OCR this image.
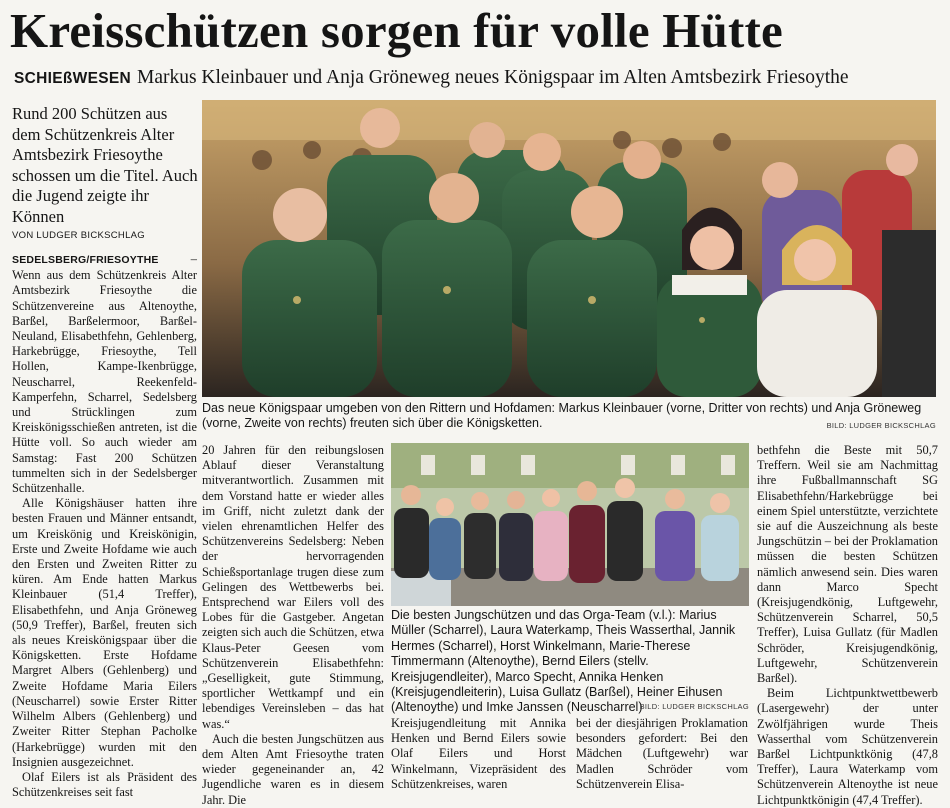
Kreisschützen sorgen für volle Hütte
SCHIEßWESEN Markus Kleinbauer und Anja Gröneweg neues Königspaar im Alten Amtsbezirk Friesoythe

Rund 200 Schützen aus dem Schützenkreis Alter Amtsbezirk Friesoythe schossen um die Titel. Auch die Jugend zeigte ihr Können

VON LUDGER BICKSCHLAG

SEDELSBERG/FRIESOYTHE	– Wenn aus dem Schützenkreis Alter Amtsbezirk Friesoythe die Schützenvereine aus Altenoythe, Barßel, Barßelermoor, Barßel-Neuland, Elisabethfehn, Gehlenberg, Harkebrügge, Friesoythe, Tell Hollen, Kampe-Ikenbrügge, Neuscharrel, Reekenfeld-Kamperfehn, Scharrel, Sedelsberg und Strücklingen zum Kreiskönigsschießen antreten, ist die Hütte voll. So auch wieder am Samstag: Fast 200 Schützen tummelten sich in der Sedelsberger Schützenhalle.

Alle Königshäuser hatten ihre besten Frauen und Männer entsandt, um Kreiskönig und Kreiskönigin, Erste und Zweite Hofdame wie auch den Ersten und Zweiten Ritter zu küren. Am Ende hatten Markus Kleinbauer (51,4 Treffer), Elisabethfehn, und Anja Gröneweg (50,9 Treffer), Barßel, freuten sich als neues Kreiskönigspaar über die Königsketten. Erste Hofdame Margret Albers (Gehlenberg) und Zweite Hofdame Maria Eilers (Neuscharrel) sowie Erster Ritter Wilhelm Albers (Gehlenberg) und Zweiter Ritter Stephan Pacholke (Harkebrügge) wurden mit den Insignien ausgezeichnet.

Olaf Eilers ist als Präsident des Schützenkreises seit fast

Das neue Königspaar umgeben von den Rittern und Hofdamen: Markus Kleinbauer (vorne, Dritter von rechts) und Anja Gröneweg (vorne, Zweite von rechts) freuten sich über die Königsketten.	BILD: LUDGER BICKSCHLAG

20 Jahren für den reibungslosen Ablauf dieser Veranstaltung mitverantwortlich. Zusammen mit dem Vorstand hatte er wieder alles im Griff, nicht zuletzt dank der vielen ehrenamtlichen Helfer des Schützenvereins Sedelsberg: Neben der hervorragenden Schießsportanlage trugen diese zum Gelingen des Wettbewerbs bei. Entsprechend war Eilers voll des Lobes für die Gastgeber. Angetan zeigten sich auch die Schützen, etwa Klaus-Peter Geesen vom Schützenverein Elisabethfehn: „Geselligkeit, gute Stimmung, sportlicher Wettkampf und ein lebendiges Vereinsleben – das hat was.“

Auch die besten Jungschützen aus dem Alten Amt Friesoythe traten wieder gegeneinander an, 42 Jugendliche waren es in diesem Jahr. Die

Die besten Jungschützen und das Orga-Team (v.l.): Marius Müller (Scharrel), Laura Waterkamp, Theis Wasserthal, Jannik Hermes (Scharrel), Horst Winkelmann, Marie-Therese Timmermann (Altenoythe), Bernd Eilers (stellv. Kreisjugendleiter), Marco Specht, Annika Henken (Kreisjugendleiterin), Luisa Gullatz (Barßel), Heiner Eihusen (Altenoythe) und Imke Janssen (Neuscharrel)
BILD: LUDGER BICKSCHLAG

Kreisjugendleitung mit Annika Henken und Bernd Eilers sowie Olaf Eilers und Horst Winkelmann, Vizepräsident des Schützenkreises, waren

bei der diesjährigen Proklamation besonders gefordert: Bei den Mädchen (Luftgewehr) war Madlen Schröder vom Schützenverein Elisa-

bethfehn die Beste mit 50,7 Treffern. Weil sie am Nachmittag ihre Fußballmannschaft SG Elisabethfehn/Harkebrügge bei einem Spiel unterstützte, verzichtete sie auf die Auszeichnung als beste Jungschützin – bei der Proklamation müssen die besten Schützen nämlich anwesend sein. Dies waren dann Marco Specht (Kreisjugendkönig, Luftgewehr, Schützenverein Scharrel, 50,5 Treffer), Luisa Gullatz (für Madlen Schröder, Kreisjugendkönig, Luftgewehr, Schützenverein Barßel).

Beim Lichtpunktwettbewerb (Lasergewehr) der unter Zwölfjährigen wurde Theis Wasserthal vom Schützenverein Barßel Lichtpunktkönig (47,8 Treffer), Laura Waterkamp vom Schützenverein Altenoythe ist neue Lichtpunktkönigin (47,4 Treffer).
